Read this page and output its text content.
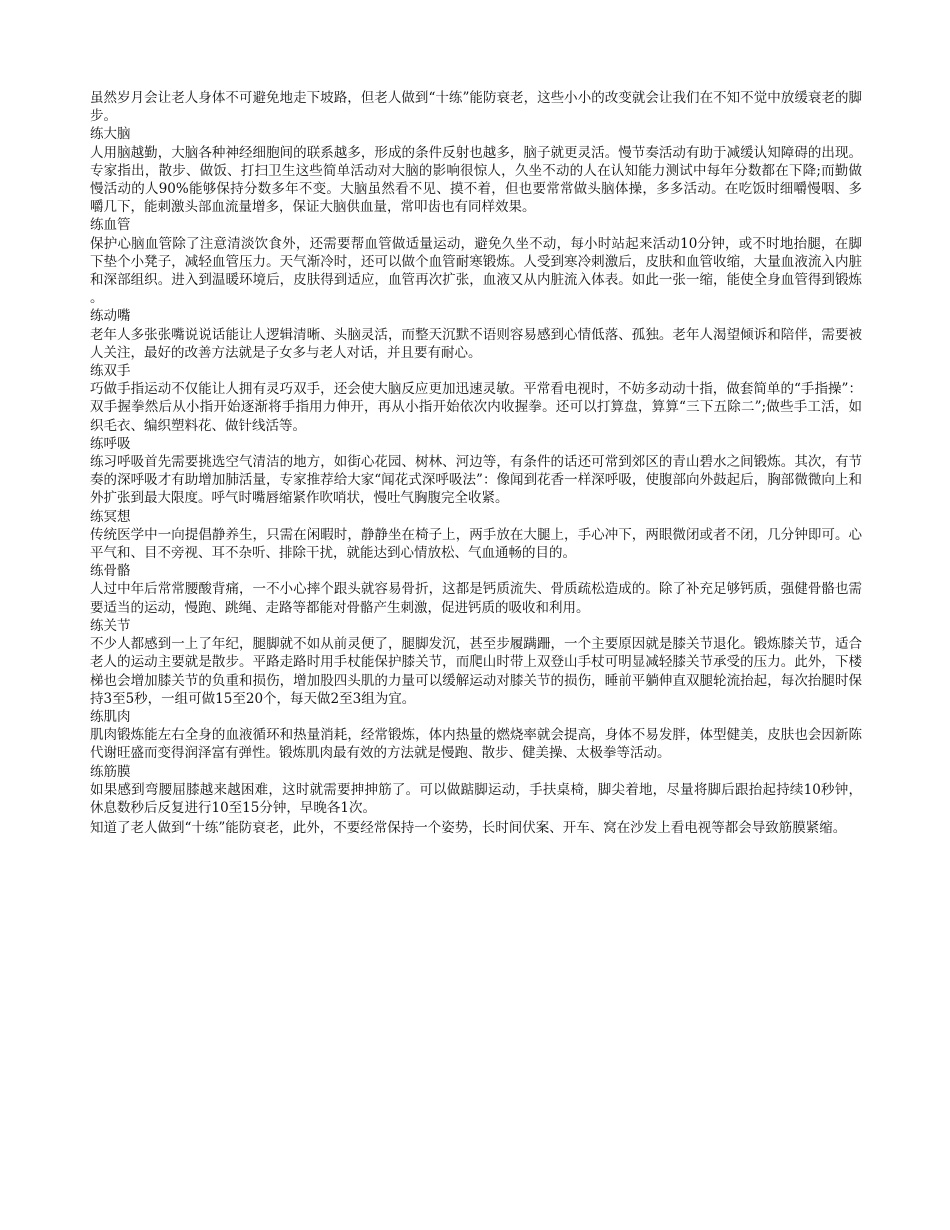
虽然岁月会让老人身体不可避免地走下坡路，但老人做到“十练”能防衰老，这些小小的改变就会让我们在不知不觉中放缓衰老的脚步。

练大脑

人用脑越勤，大脑各种神经细胞间的联系越多，形成的条件反射也越多，脑子就更灵活。慢节奏活动有助于减缓认知障碍的出现。专家指出，散步、做饭、打扫卫生这些简单活动对大脑的影响很惊人，久坐不动的人在认知能力测试中每年分数都在下降;而勤做慢活动的人90%能够保持分数多年不变。大脑虽然看不见、摸不着，但也要常常做头脑体操，多多活动。在吃饭时细嚼慢咽、多嚼几下，能刺激头部血流量增多，保证大脑供血量，常叩齿也有同样效果。

练血管

保护心脑血管除了注意清淡饮食外，还需要帮血管做适量运动，避免久坐不动，每小时站起来活动10分钟，或不时地抬腿，在脚下垫个小凳子，减轻血管压力。天气渐冷时，还可以做个血管耐寒锻炼。人受到寒冷刺激后，皮肤和血管收缩，大量血液流入内脏和深部组织。进入到温暖环境后，皮肤得到适应，血管再次扩张，血液又从内脏流入体表。如此一张一缩，能使全身血管得到锻炼。

练动嘴

老年人多张张嘴说说话能让人逻辑清晰、头脑灵活，而整天沉默不语则容易感到心情低落、孤独。老年人渴望倾诉和陪伴，需要被人关注，最好的改善方法就是子女多与老人对话，并且要有耐心。

练双手

巧做手指运动不仅能让人拥有灵巧双手，还会使大脑反应更加迅速灵敏。平常看电视时，不妨多动动十指，做套简单的“手指操”：双手握拳然后从小指开始逐渐将手指用力伸开，再从小指开始依次内收握拳。还可以打算盘，算算“三下五除二”;做些手工活，如织毛衣、编织塑料花、做针线活等。

练呼吸

练习呼吸首先需要挑选空气清洁的地方，如街心花园、树林、河边等，有条件的话还可常到郊区的青山碧水之间锻炼。其次，有节奏的深呼吸才有助增加肺活量，专家推荐给大家“闻花式深呼吸法”：像闻到花香一样深呼吸，使腹部向外鼓起后，胸部微微向上和外扩张到最大限度。呼气时嘴唇缩紧作吹哨状，慢吐气胸腹完全收紧。

练冥想

传统医学中一向提倡静养生，只需在闲暇时，静静坐在椅子上，两手放在大腿上，手心冲下，两眼微闭或者不闭，几分钟即可。心平气和、目不旁视、耳不杂听、排除干扰，就能达到心情放松、气血通畅的目的。

练骨骼

人过中年后常常腰酸背痛，一不小心摔个跟头就容易骨折，这都是钙质流失、骨质疏松造成的。除了补充足够钙质，强健骨骼也需要适当的运动，慢跑、跳绳、走路等都能对骨骼产生刺激，促进钙质的吸收和利用。

练关节

不少人都感到一上了年纪，腿脚就不如从前灵便了，腿脚发沉，甚至步履蹒跚，一个主要原因就是膝关节退化。锻炼膝关节，适合老人的运动主要就是散步。平路走路时用手杖能保护膝关节，而爬山时带上双登山手杖可明显减轻膝关节承受的压力。此外，下楼梯也会增加膝关节的负重和损伤，增加股四头肌的力量可以缓解运动对膝关节的损伤，睡前平躺伸直双腿轮流抬起，每次抬腿时保持3至5秒，一组可做15至20个，每天做2至3组为宜。

练肌肉

肌肉锻炼能左右全身的血液循环和热量消耗，经常锻炼，体内热量的燃烧率就会提高，身体不易发胖，体型健美，皮肤也会因新陈代谢旺盛而变得润泽富有弹性。锻炼肌肉最有效的方法就是慢跑、散步、健美操、太极拳等活动。

练筋膜

如果感到弯腰屈膝越来越困难，这时就需要抻抻筋了。可以做踮脚运动，手扶桌椅，脚尖着地，尽量将脚后跟抬起持续10秒钟，休息数秒后反复进行10至15分钟，早晚各1次。

知道了老人做到“十练”能防衰老，此外，不要经常保持一个姿势，长时间伏案、开车、窝在沙发上看电视等都会导致筋膜紧缩。
